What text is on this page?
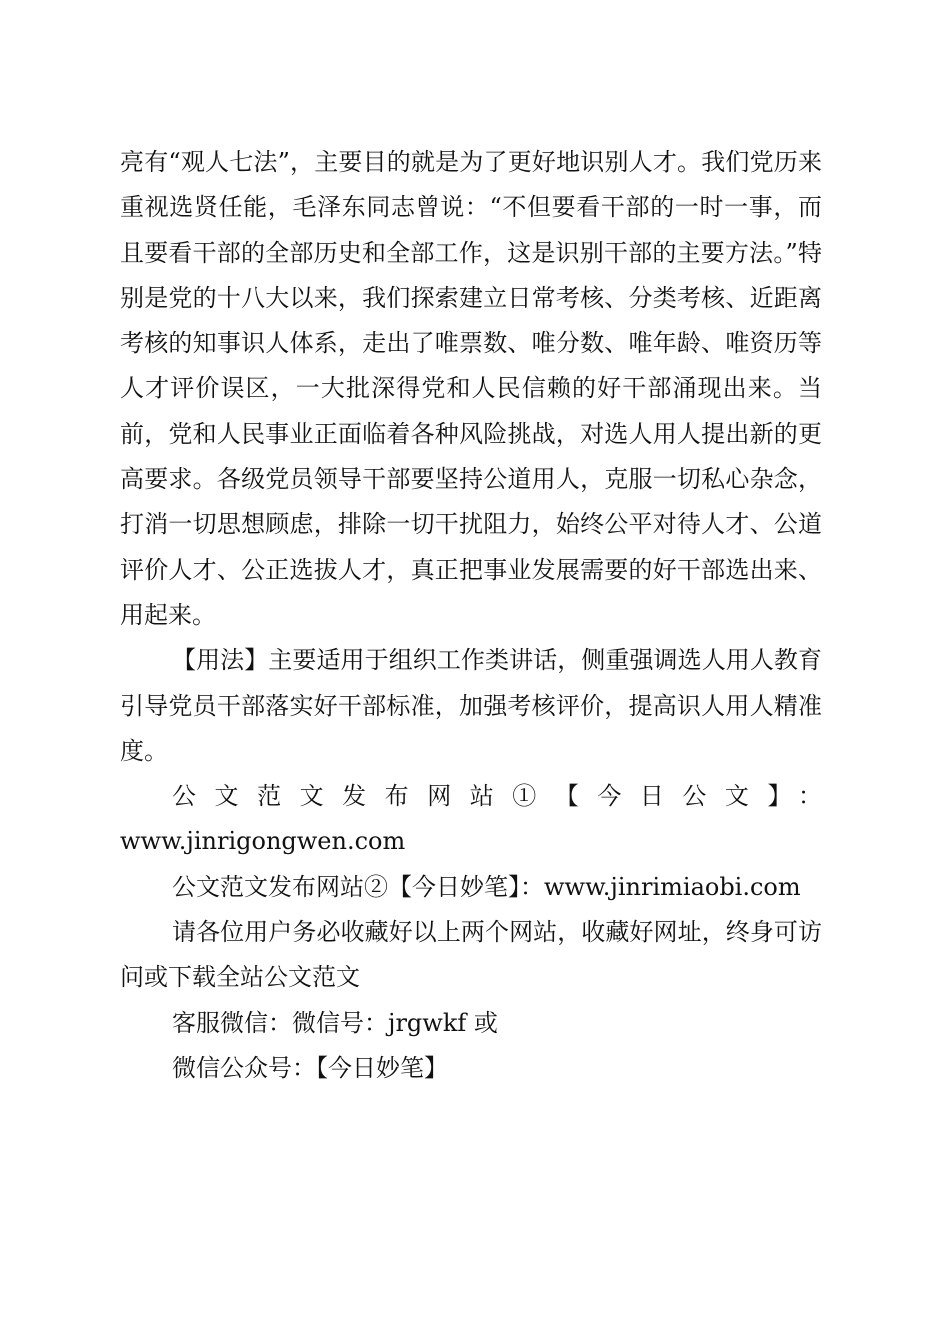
亮有“观人七法”，主要目的就是为了更好地识别人才。我们党历来重视选贤任能，毛泽东同志曾说：“不但要看干部的一时一事，而且要看干部的全部历史和全部工作，这是识别干部的主要方法。”特别是党的十八大以来，我们探索建立日常考核、分类考核、近距离考核的知事识人体系，走出了唯票数、唯分数、唯年龄、唯资历等人才评价误区，一大批深得党和人民信赖的好干部涌现出来。当前，党和人民事业正面临着各种风险挑战，对选人用人提出新的更高要求。各级党员领导干部要坚持公道用人，克服一切私心杂念，打消一切思想顾虑，排除一切干扰阻力，始终公平对待人才、公道评价人才、公正选拔人才，真正把事业发展需要的好干部选出来、用起来。

【用法】主要适用于组织工作类讲话，侧重强调选人用人教育引导党员干部落实好干部标准，加强考核评价，提高识人用人精准度。

公文范文发布网站①【今日公文】：

www.jinrigongwen.com

公文范文发布网站②【今日妙笔】：www.jinrimiaobi.com

请各位用户务必收藏好以上两个网站，收藏好网址，终身可访问或下载全站公文范文

客服微信：微信号：jrgwkf 或

微信公众号：【今日妙笔】
